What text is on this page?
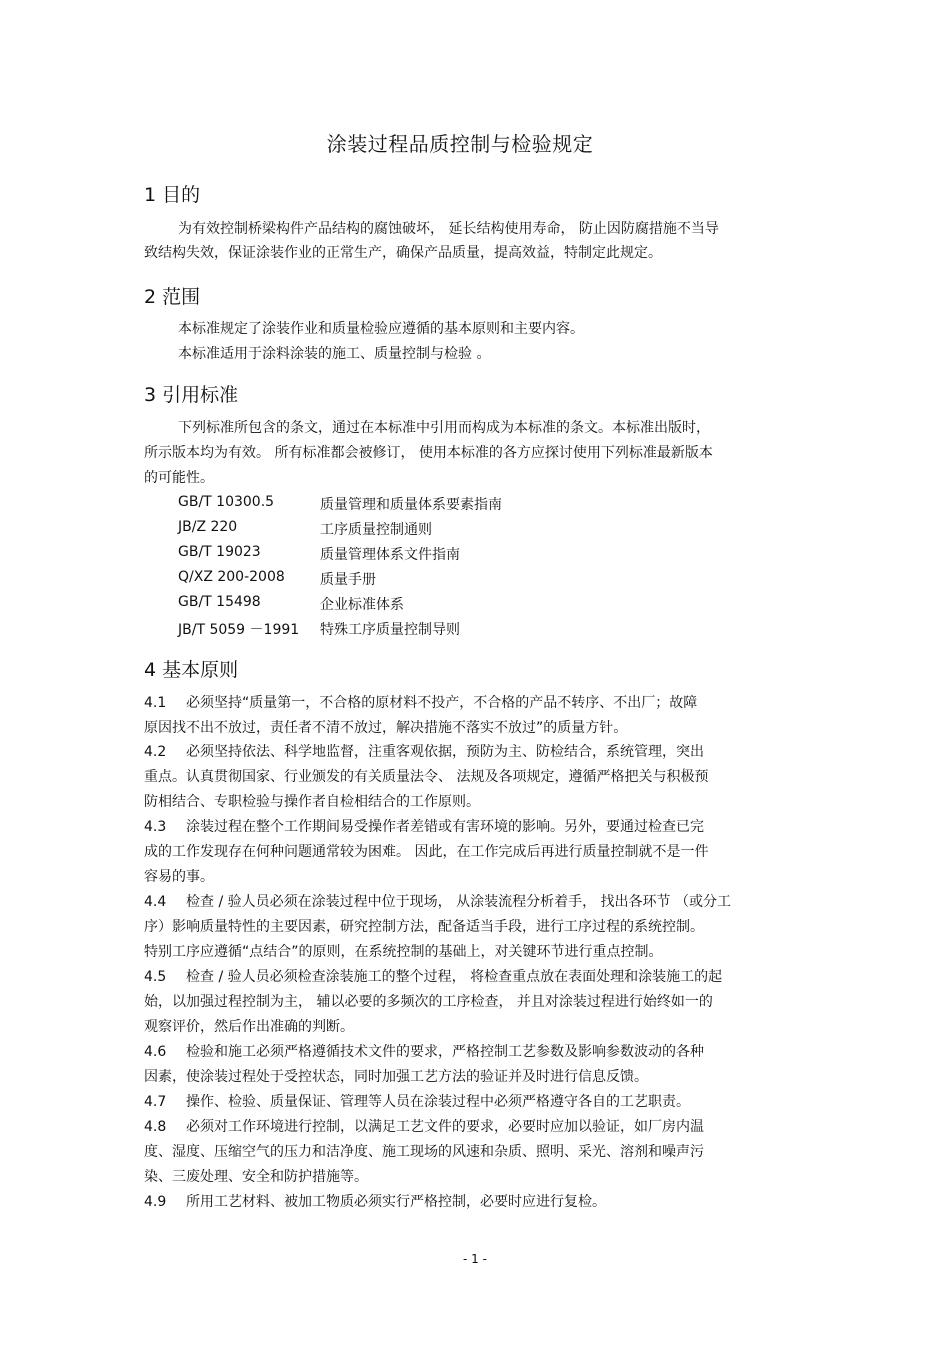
涂装过程品质控制与检验规定
1 目的
为有效控制桥梁构件产品结构的腐蚀破坏， 延长结构使用寿命， 防止因防腐措施不当导
致结构失效，保证涂装作业的正常生产，确保产品质量，提高效益，特制定此规定。
2 范围
本标准规定了涂装作业和质量检验应遵循的基本原则和主要内容。
本标准适用于涂料涂装的施工、质量控制与检验 。
3 引用标准
下列标准所包含的条文，通过在本标准中引用而构成为本标准的条文。本标准出版时，
所示版本均为有效。 所有标准都会被修订， 使用本标准的各方应探讨使用下列标准最新版本
的可能性。
GB/T 10300.5	质量管理和质量体系要素指南
JB/Z 220	工序质量控制通则
GB/T 19023	质量管理体系文件指南
Q/XZ 200-2008	质量手册
GB/T 15498	企业标准体系
JB/T 5059 －1991 特殊工序质量控制导则
4 基本原则
4.1 必须坚持“质量第一，不合格的原材料不投产，不合格的产品不转序、不出厂；故障
原因找不出不放过，责任者不清不放过，解决措施不落实不放过”的质量方针。
4.2 必须坚持依法、科学地监督，注重客观依据，预防为主、防检结合，系统管理，突出
重点。认真贯彻国家、行业颁发的有关质量法令、 法规及各项规定，遵循严格把关与积极预
防相结合、专职检验与操作者自检相结合的工作原则。
4.3 涂装过程在整个工作期间易受操作者差错或有害环境的影响。另外，要通过检查已完
成的工作发现存在何种问题通常较为困难。 因此，在工作完成后再进行质量控制就不是一件
容易的事。
4.4 检查 / 验人员必须在涂装过程中位于现场， 从涂装流程分析着手， 找出各环节 （或分工
序）影响质量特性的主要因素，研究控制方法，配备适当手段，进行工序过程的系统控制。
特别工序应遵循“点结合”的原则，在系统控制的基础上，对关键环节进行重点控制。
4.5 检查 / 验人员必须检查涂装施工的整个过程， 将检查重点放在表面处理和涂装施工的起
始，以加强过程控制为主， 辅以必要的多频次的工序检查， 并且对涂装过程进行始终如一的
观察评价，然后作出准确的判断。
4.6 检验和施工必须严格遵循技术文件的要求，严格控制工艺参数及影响参数波动的各种
因素，使涂装过程处于受控状态，同时加强工艺方法的验证并及时进行信息反馈。
4.7 操作、检验、质量保证、管理等人员在涂装过程中必须严格遵守各自的工艺职责。
4.8 必须对工作环境进行控制，以满足工艺文件的要求，必要时应加以验证，如厂房内温
度、湿度、压缩空气的压力和洁净度、施工现场的风速和杂质、照明、采光、溶剂和噪声污
染、三废处理、安全和防护措施等。
4.9 所用工艺材料、被加工物质必须实行严格控制，必要时应进行复检。
- 1 -
